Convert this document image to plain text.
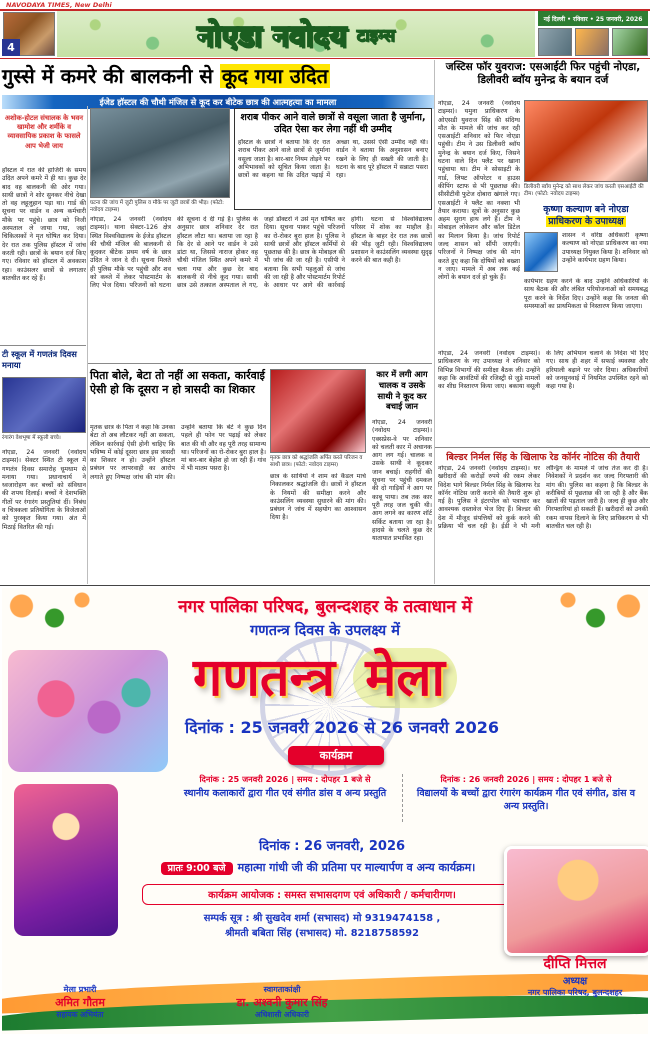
NAVODAYA TIMES, New Delhi
नोएडा नवोदय टाइम्स
नई दिल्ली • रविवार • 25 जनवरी, 2026
4
गुस्से में कमरे की बालकनी से कूद गया उदित
ईजेड हॉस्टल की चौथी मंजिल से कूद कर बीटेक छात्र की आत्महत्या का मामला
अशोक-होटल संचालक के भवन खामोश और शर्मीके व व्यावसायिक प्रकाश के फासले आप भेजी जाय
हॉस्टल में रात की हाजिरी के समय उदित अपने कमरे में ही था। कुछ देर बाद वह बालकनी की ओर गया। साथी छात्रों ने शोर सुनकर नीचे देखा तो वह लहूलुहान पड़ा था। गार्ड की सूचना पर वार्डन व अन्य कर्मचारी मौके पर पहुंचे। छात्र को निजी अस्पताल ले जाया गया, जहां चिकित्सकों ने मृत घोषित कर दिया। देर रात तक पुलिस हॉस्टल में जांच करती रही। छात्रों के बयान दर्ज किए गए। रविवार को हॉस्टल में अवकाश रहा। काउंसलर छात्रों से लगातार बातचीत कर रहे हैं।
टी स्कूल में गणतंत्र दिवस मनाया
रंगारंग वेशभूषा में स्कूली बच्चे।
नोएडा, 24 जनवरी (नवोदय टाइम्स)। सेक्टर स्थित टी स्कूल में गणतंत्र दिवस समारोह धूमधाम से मनाया गया। प्रधानाचार्य ने ध्वजारोहण कर बच्चों को संविधान की शपथ दिलाई। बच्चों ने देशभक्ति गीतों पर रंगारंग प्रस्तुतियां दीं। निबंध व चित्रकला प्रतियोगिता के विजेताओं को पुरस्कृत किया गया। अंत में मिठाई वितरित की गई।
घटना की जांच में जुटी पुलिस व मौके पर जुटी छात्रों की भीड़। (फोटो: नवोदय टाइम्स)
शराब पीकर आने वाले छात्रों से वसूला जाता है जुर्माना, उदित ऐसा कर लेगा नहीं थी उम्मीद
हॉस्टल के छात्रों ने बताया कि देर रात शराब पीकर आने वाले छात्रों से जुर्माना वसूला जाता है। बार-बार नियम तोड़ने पर अभिभावकों को सूचित किया जाता है। छात्रों का कहना था कि उदित पढ़ाई में अच्छा था, उससे ऐसी उम्मीद नहीं थी। वार्डन ने बताया कि अनुशासन बनाए रखने के लिए ही सख्ती की जाती है। घटना के बाद पूरे हॉस्टल में सन्नाटा पसरा रहा।
नोएडा, 24 जनवरी (नवोदय टाइम्स)। थाना सेक्टर-126 क्षेत्र स्थित विश्वविद्यालय के ईजेड हॉस्टल की चौथी मंजिल की बालकनी से कूदकर बीटेक प्रथम वर्ष के छात्र उदित ने जान दे दी। सूचना मिलते ही पुलिस मौके पर पहुंची और शव को कब्जे में लेकर पोस्टमार्टम के लिए भेज दिया। परिजनों को घटना की सूचना दे दी गई है। पुलिस के अनुसार छात्र शनिवार देर रात हॉस्टल लौटा था। बताया जा रहा है कि देर से आने पर वार्डन ने उसे डांटा था, जिससे नाराज होकर वह चौथी मंजिल स्थित अपने कमरे में चला गया और कुछ देर बाद बालकनी से नीचे कूद गया। साथी छात्र उसे तत्काल अस्पताल ले गए, जहां डॉक्टरों ने उसे मृत घोषित कर दिया। सूचना पाकर पहुंचे परिजनों का रो-रोकर बुरा हाल है। पुलिस ने साथी छात्रों और हॉस्टल कर्मियों से पूछताछ की है। छात्र के मोबाइल की भी जांच की जा रही है। एसीपी ने बताया कि सभी पहलुओं से जांच की जा रही है और पोस्टमार्टम रिपोर्ट के आधार पर आगे की कार्रवाई होगी। घटना से विश्वविद्यालय परिसर में शोक का माहौल है। हॉस्टल के बाहर देर रात तक छात्रों की भीड़ जुटी रही। विश्वविद्यालय प्रशासन ने काउंसलिंग व्यवस्था सुदृढ़ करने की बात कही है।
पिता बोले, बेटा तो नहीं आ सकता, कार्रवाई ऐसी हो कि दूसरा न हो त्रासदी का शिकार
मृतक छात्र को श्रद्धांजलि अर्पित करते परिजन व साथी छात्र। (फोटो: नवोदय टाइम्स)
मृतक छात्र के पिता ने कहा कि उनका बेटा तो अब लौटकर नहीं आ सकता, लेकिन कार्रवाई ऐसी होनी चाहिए कि भविष्य में कोई दूसरा छात्र इस त्रासदी का शिकार न हो। उन्होंने हॉस्टल प्रबंधन पर लापरवाही का आरोप लगाते हुए निष्पक्ष जांच की मांग की। उन्होंने बताया कि बेटे ने कुछ दिन पहले ही फोन पर पढ़ाई को लेकर बात की थी और वह पूरी तरह सामान्य था। परिजनों का रो-रोकर बुरा हाल है। मां बार-बार बेहोश हो जा रही हैं। गांव में भी मातम पसरा है।
छात्र के साथियों ने शाम को कैंडल मार्च निकालकर श्रद्धांजलि दी। छात्रों ने हॉस्टल के नियमों की समीक्षा करने और काउंसलिंग व्यवस्था सुधारने की मांग की। प्रबंधन ने जांच में सहयोग का आश्वासन दिया है।
कार में लगी आग चालक व उसके साथी ने कूद कर बचाई जान
नोएडा, 24 जनवरी (नवोदय टाइम्स)। एक्सप्रेस-वे पर शनिवार को चलती कार में अचानक आग लग गई। चालक व उसके साथी ने कूदकर जान बचाई। राहगीरों की सूचना पर पहुंची दमकल की दो गाड़ियों ने आग पर काबू पाया। तब तक कार पूरी तरह जल चुकी थी। आग लगने का कारण शॉर्ट सर्किट बताया जा रहा है। हादसे के चलते कुछ देर यातायात प्रभावित रहा।
जस्टिस फॉर युवराज: एसआईटी फिर पहुंची नोएडा, डिलीवरी ब्वॉय मुनेन्द्र के बयान दर्ज
नोएडा, 24 जनवरी (नवोदय टाइम्स)। यमुना प्राधिकरण के ओएसडी युवराज सिंह की संदिग्ध मौत के मामले की जांच कर रही एसआईटी शनिवार को फिर नोएडा पहुंची। टीम ने उस डिलीवरी ब्वॉय मुनेन्द्र के बयान दर्ज किए, जिसने घटना वाले दिन फ्लैट पर खाना पहुंचाया था। टीम ने सोसाइटी के गार्ड, लिफ्ट ऑपरेटर व हाउस कीपिंग स्टाफ से भी पूछताछ की। सीसीटीवी फुटेज दोबारा खंगाले गए। एसआईटी ने फ्लैट का नक्शा भी तैयार कराया। सूत्रों के अनुसार कुछ अहम सुराग हाथ लगे हैं। टीम ने मोबाइल लोकेशन और कॉल डिटेल का मिलान किया है। जांच रिपोर्ट जल्द शासन को सौंपी जाएगी। परिजनों ने निष्पक्ष जांच की मांग करते हुए कहा कि दोषियों को बख्शा न जाए। मामले में अब तक कई लोगों के बयान दर्ज हो चुके हैं।
डिलीवरी ब्वॉय मुनेन्द्र को साथ लेकर जांच करती एसआईटी की टीम। (फोटो: नवोदय टाइम्स)
कृष्णा कल्याण बने नोएडा
प्राधिकरण के उपाध्यक्ष
शासन ने वरिष्ठ अधिकारी कृष्णा कल्याण को नोएडा प्राधिकरण का नया उपाध्यक्ष नियुक्त किया है। शनिवार को उन्होंने कार्यभार ग्रहण किया।
कार्यभार ग्रहण करने के बाद उन्होंने अधिकारियों के साथ बैठक की और लंबित परियोजनाओं को समयबद्ध पूरा करने के निर्देश दिए। उन्होंने कहा कि जनता की समस्याओं का प्राथमिकता से निस्तारण किया जाएगा।
नोएडा, 24 जनवरी (नवोदय टाइम्स)। प्राधिकरण के नए उपाध्यक्ष ने शनिवार को विभिन्न विभागों की समीक्षा बैठक ली। उन्होंने कहा कि आवंटियों की रजिस्ट्री से जुड़े मामलों का शीघ्र निस्तारण किया जाए। बकाया वसूली के लिए अभियान चलाने के निर्देश भी दिए गए। साथ ही शहर में सफाई व्यवस्था और हरियाली बढ़ाने पर जोर दिया। अधिकारियों को जनसुनवाई में नियमित उपस्थित रहने को कहा गया है।
बिल्डर निर्मल सिंह के खिलाफ रेड कॉर्नर नोटिस की तैयारी
नोएडा, 24 जनवरी (नवोदय टाइम्स)। घर खरीदारों की करोड़ों रुपये की रकम लेकर विदेश भागे बिल्डर निर्मल सिंह के खिलाफ रेड कॉर्नर नोटिस जारी कराने की तैयारी शुरू हो गई है। पुलिस ने इंटरपोल को पत्राचार कर आवश्यक दस्तावेज भेज दिए हैं। बिल्डर की देश में मौजूद संपत्तियों को कुर्क करने की प्रक्रिया भी चल रही है। ईडी ने भी मनी लॉन्ड्रिंग के मामले में जांच तेज कर दी है। निवेशकों ने प्रदर्शन कर जल्द गिरफ्तारी की मांग की। पुलिस का कहना है कि बिल्डर के करीबियों से पूछताछ की जा रही है और बैंक खातों की पड़ताल जारी है। जल्द ही कुछ और गिरफ्तारियां हो सकती हैं। खरीदारों को उनकी रकम वापस दिलाने के लिए प्राधिकरण से भी बातचीत चल रही है।
नगर पालिका परिषद, बुलन्दशहर के तत्वाधान में
गणतन्त्र दिवस के उपलक्ष्य में
गणतन्त्र मेला
दिनांक : 25 जनवरी 2026 से 26 जनवरी 2026
कार्यक्रम
दिनांक : 25 जनवरी 2026 | समय : दोपहर 1 बजे से
स्थानीय कलाकारों द्वारा गीत एवं संगीत डांस व अन्य प्रस्तुति
दिनांक : 26 जनवरी 2026 | समय : दोपहर 1 बजे से
विद्यालयों के बच्चों द्वारा रंगारंग कार्यक्रम गीत एवं संगीत, डांस व अन्य प्रस्तुति।
दिनांक : 26 जनवरी, 2026
प्रातः 9:00 बजे महात्मा गांधी जी की प्रतिमा पर माल्यार्पण व अन्य कार्यक्रम।
कार्यक्रम आयोजक : समस्त सभासदगण एवं अधिकारी / कर्मचारीगण।
सम्पर्क सूत्र : श्री सुखदेव शर्मा (सभासद) मो 9319474158 ,
श्रीमती बबिता सिंह (सभासद) मो. 8218758592
मेला प्रभारी
अमित गौतम
सहायक अभियंता
स्वागताकांक्षी
डा. अश्वनी कुमार सिंह
अधिशासी अधिकारी
दीप्ति मित्तल
अध्यक्ष
नगर पालिका परिषद, बुलन्दशहर
